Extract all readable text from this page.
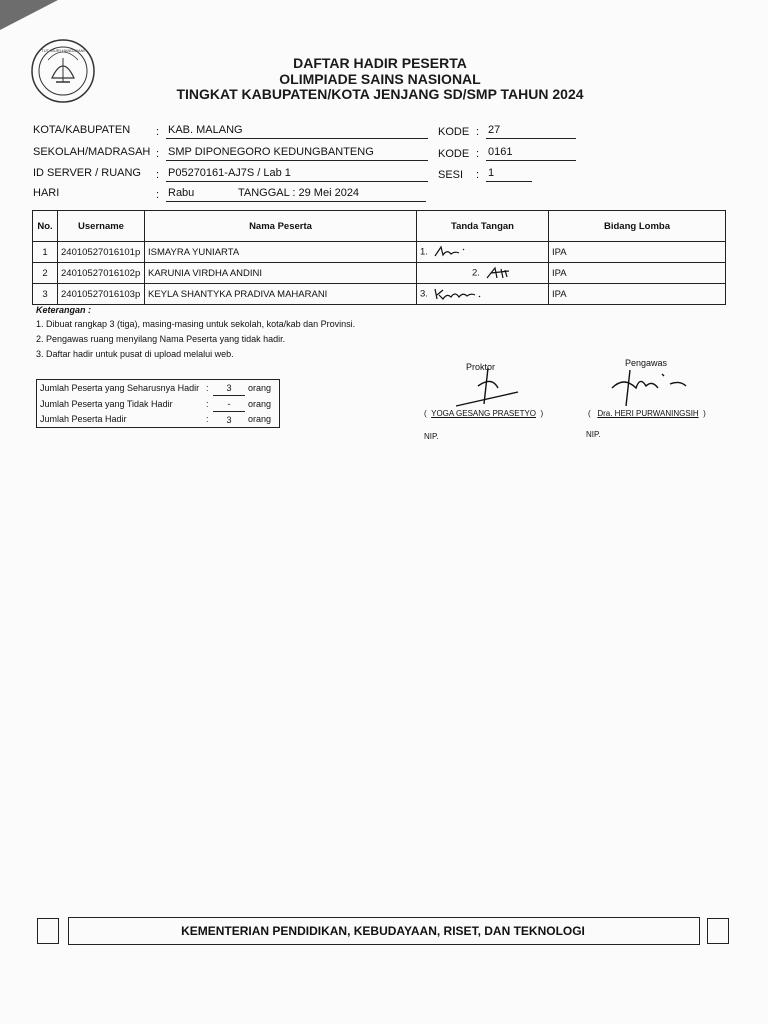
TUT WURI HANDAYANI
DAFTAR HADIR PESERTA
OLIMPIADE SAINS NASIONAL
TINGKAT KABUPATEN/KOTA JENJANG SD/SMP TAHUN 2024
KOTA/KABUPATEN : KAB. MALANG
SEKOLAH/MADRASAH : SMP DIPONEGORO KEDUNGBANTENG
ID SERVER / RUANG : P05270161-AJ7S / Lab 1
HARI	: Rabu	TANGGAL : 29 Mei 2024
KODE : 27
KODE : 0161
SESI : 1
No.	Username	Nama Peserta	Tanda Tangan	Bidang Lomba
1	24010527016101p	ISMAYRA YUNIARTA	1.	IPA
2	24010527016102p	KARUNIA VIRDHA ANDINI	2.	IPA
3	24010527016103p	KEYLA SHANTYKA PRADIVA MAHARANI	3.	IPA
Keterangan :
1. Dibuat rangkap 3 (tiga), masing-masing untuk sekolah, kota/kab dan Provinsi.
2. Pengawas ruang menyilang Nama Peserta yang tidak hadir.
3. Daftar hadir untuk pusat di upload melalui web.
Jumlah Peserta yang Seharusnya Hadir	:	3	orang
Jumlah Peserta yang Tidak Hadir	:	-	orang
Jumlah Peserta Hadir	:	3	orang
Proktor
(  YOGA GESANG PRASETYO  )
NIP.
Pengawas
(   Dra. HERI PURWANINGSIH  )
NIP.
KEMENTERIAN PENDIDIKAN, KEBUDAYAAN, RISET, DAN TEKNOLOGI
